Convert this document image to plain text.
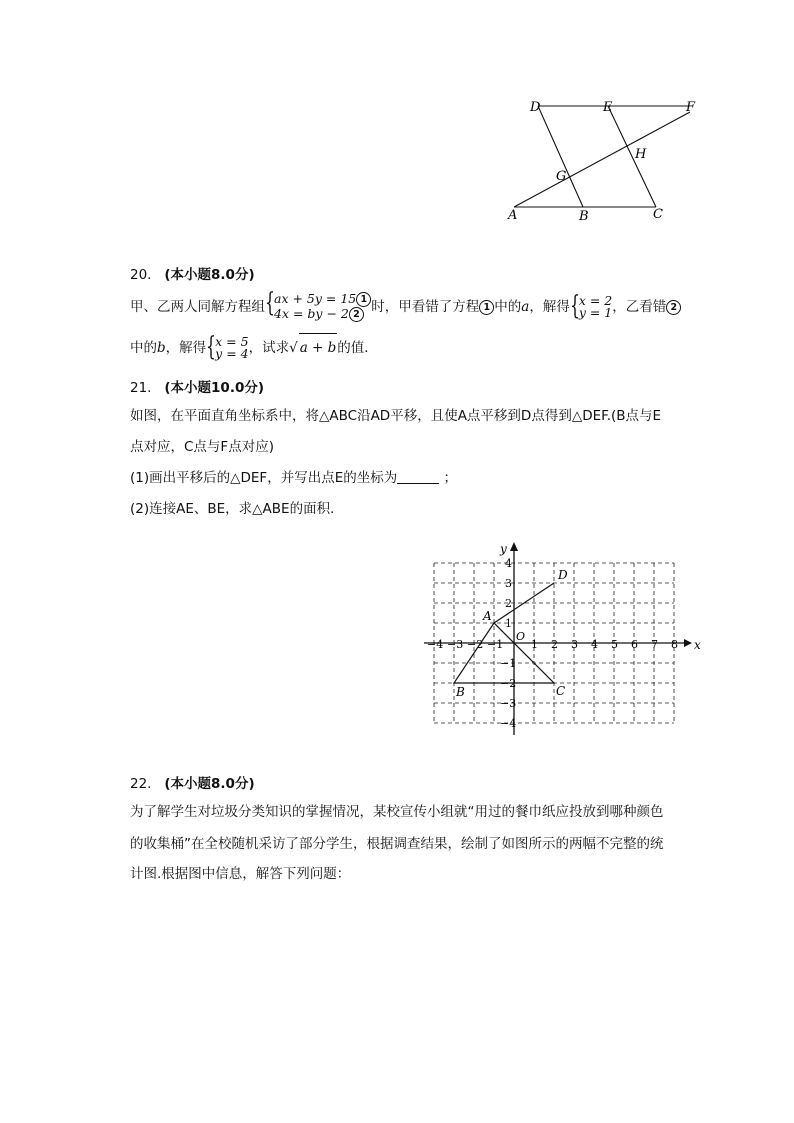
D	E	F
G
H
A	B	C
20. (本小题8.0分)
甲、乙两人同解方程组 { ax + 5y = 15 1
4x = by − 2 2 时，甲看错了方程 1 中的a，解得 { x = 2
y = 1 ，乙看错 2
中的b，解得 { x = 5
y = 4 ，试求√ a + b的值．
21. (本小题10.0分)
如图，在平面直角坐标系中，将△ABC沿AD平移，且使A点平移到D点得到△DEF.(B点与E
点对应，C点与F点对应)
(1)画出平移后的△DEF，并写出点E的坐标为	；
(2)连接AE、BE，求△ABE的面积．
x
y
O
−4 −3 −2 −1	1 2 3 4 5 6 7 8
4
3
2
1
−1
−2
−3
−4
A
B	C
D
22. (本小题8.0分)
为了解学生对垃圾分类知识的掌握情况，某校宣传小组就“用过的餐巾纸应投放到哪种颜色
的收集桶”在全校随机采访了部分学生，根据调查结果，绘制了如图所示的两幅不完整的统
计图.根据图中信息，解答下列问题：
